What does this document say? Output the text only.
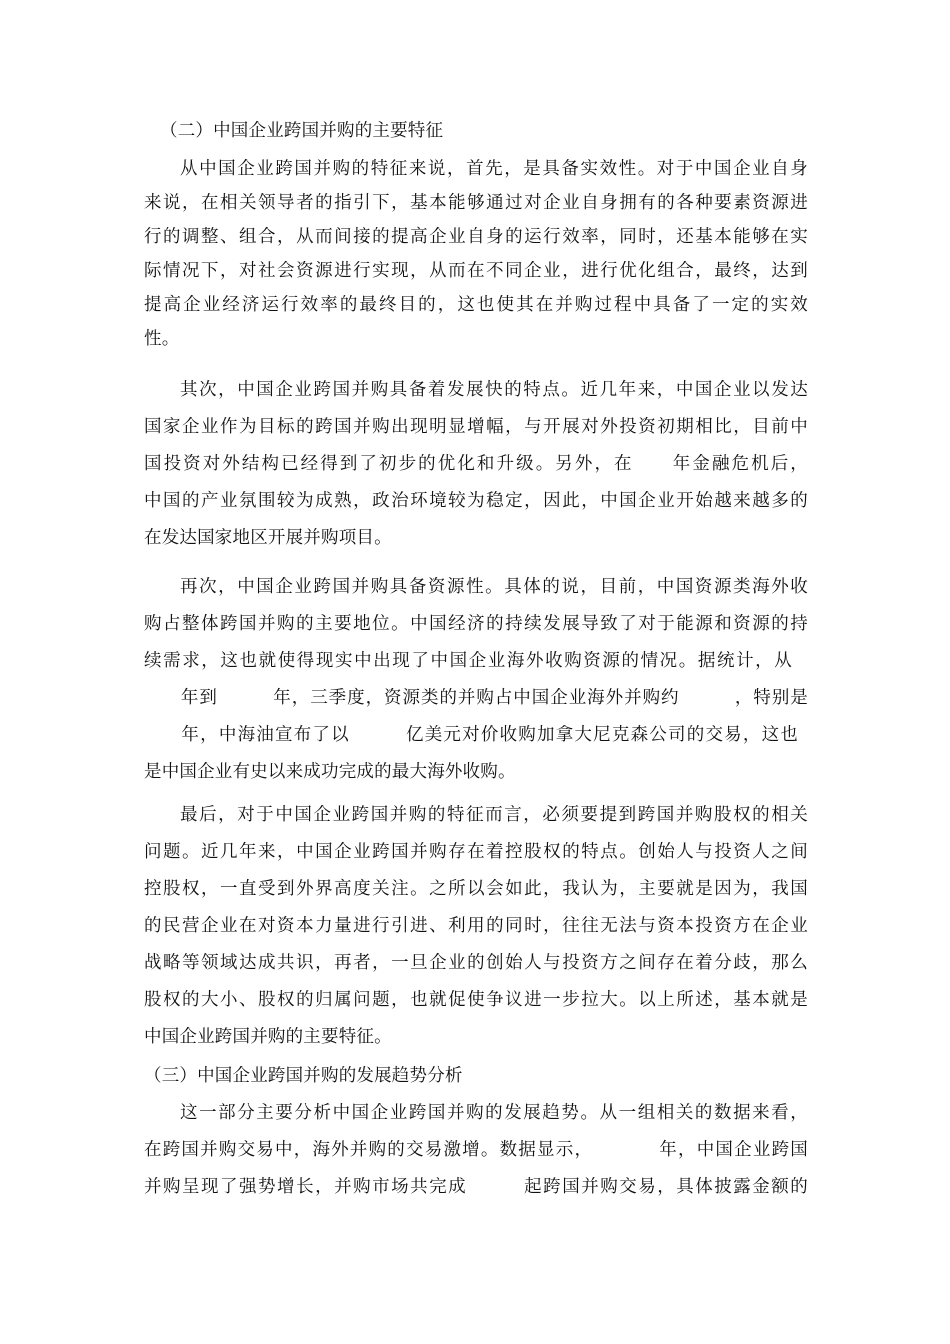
（二）中国企业跨国并购的主要特征
从中国企业跨国并购的特征来说，首先，是具备实效性。对于中国企业自身
来说，在相关领导者的指引下，基本能够通过对企业自身拥有的各种要素资源进
行的调整、组合，从而间接的提高企业自身的运行效率，同时，还基本能够在实
际情况下，对社会资源进行实现，从而在不同企业，进行优化组合，最终，达到
提高企业经济运行效率的最终目的，这也使其在并购过程中具备了一定的实效
性。
其次，中国企业跨国并购具备着发展快的特点。近几年来，中国企业以发达
国家企业作为目标的跨国并购出现明显增幅，与开展对外投资初期相比，目前中
国投资对外结构已经得到了初步的优化和升级。另外，在　　年金融危机后，
中国的产业氛围较为成熟，政治环境较为稳定，因此，中国企业开始越来越多的
在发达国家地区开展并购项目。
再次，中国企业跨国并购具备资源性。具体的说，目前，中国资源类海外收
购占整体跨国并购的主要地位。中国经济的持续发展导致了对于能源和资源的持
续需求，这也就使得现实中出现了中国企业海外收购资源的情况。据统计，从
　　年到　　　年，三季度，资源类的并购占中国企业海外并购约　　　，特别是
　　年，中海油宣布了以　　　亿美元对价收购加拿大尼克森公司的交易，这也
是中国企业有史以来成功完成的最大海外收购。
最后，对于中国企业跨国并购的特征而言，必须要提到跨国并购股权的相关
问题。近几年来，中国企业跨国并购存在着控股权的特点。创始人与投资人之间
控股权，一直受到外界高度关注。之所以会如此，我认为，主要就是因为，我国
的民营企业在对资本力量进行引进、利用的同时，往往无法与资本投资方在企业
战略等领域达成共识，再者，一旦企业的创始人与投资方之间存在着分歧，那么
股权的大小、股权的归属问题，也就促使争议进一步拉大。以上所述，基本就是
中国企业跨国并购的主要特征。
（三）中国企业跨国并购的发展趋势分析
这一部分主要分析中国企业跨国并购的发展趋势。从一组相关的数据来看，
在跨国并购交易中，海外并购的交易激增。数据显示，　　　　年，中国企业跨国
并购呈现了强势增长，并购市场共完成　　　起跨国并购交易，具体披露金额的
